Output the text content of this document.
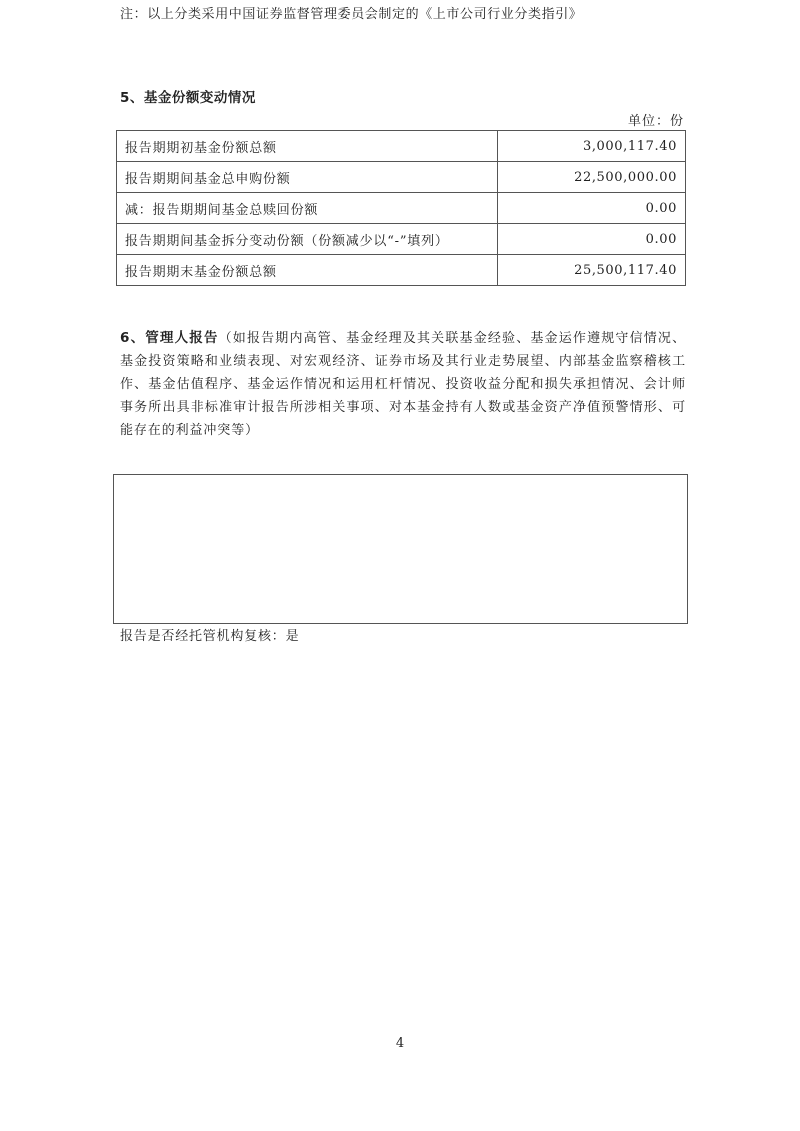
注：以上分类采用中国证券监督管理委员会制定的《上市公司行业分类指引》
5、基金份额变动情况
单位：份
报告期期初基金份额总额	3,000,117.40
报告期期间基金总申购份额	22,500,000.00
减：报告期期间基金总赎回份额	0.00
报告期期间基金拆分变动份额（份额减少以“-”填列）	0.00
报告期期末基金份额总额	25,500,117.40
6、管理人报告（如报告期内高管、基金经理及其关联基金经验、基金运作遵规守信情况、基金投资策略和业绩表现、对宏观经济、证券市场及其行业走势展望、内部基金监察稽核工作、基金估值程序、基金运作情况和运用杠杆情况、投资收益分配和损失承担情况、会计师事务所出具非标准审计报告所涉相关事项、对本基金持有人数或基金资产净值预警情形、可能存在的利益冲突等）
报告是否经托管机构复核：是
4
